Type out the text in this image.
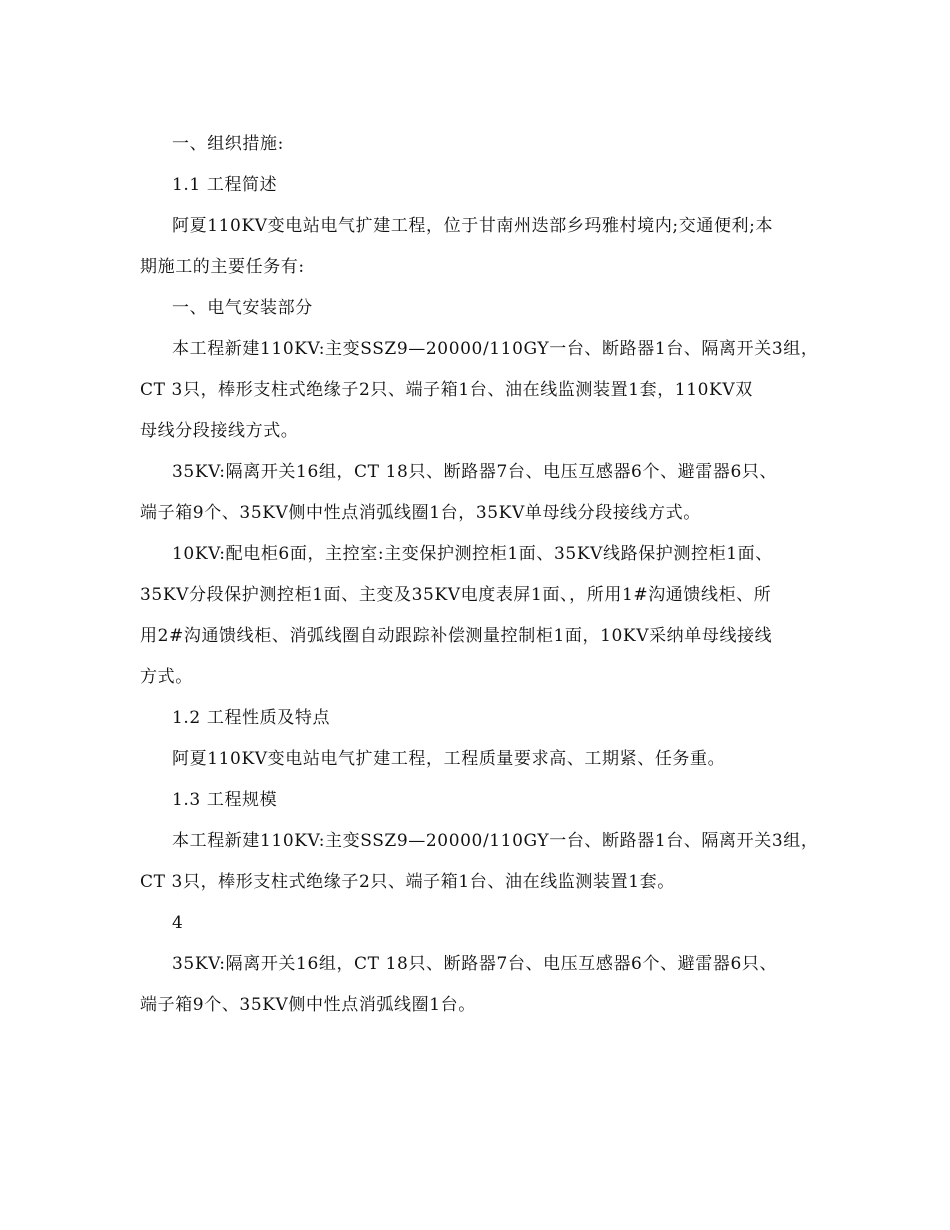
一、组织措施:
1.1 工程简述
阿夏110KV变电站电气扩建工程，位于甘南州迭部乡玛雅村境内;交通便利;本
期施工的主要任务有:
一、电气安装部分
本工程新建110KV:主变SSZ9—20000/110GY一台、断路器1台、隔离开关3组，
CT 3只，棒形支柱式绝缘子2只、端子箱1台、油在线监测装置1套，110KV双
母线分段接线方式。
35KV:隔离开关16组，CT 18只、断路器7台、电压互感器6个、避雷器6只、
端子箱9个、35KV侧中性点消弧线圈1台，35KV单母线分段接线方式。
10KV:配电柜6面，主控室:主变保护测控柜1面、35KV线路保护测控柜1面、
35KV分段保护测控柜1面、主变及35KV电度表屏1面、，所用1#沟通馈线柜、所
用2#沟通馈线柜、消弧线圈自动跟踪补偿测量控制柜1面，10KV采纳单母线接线
方式。
1.2 工程性质及特点
阿夏110KV变电站电气扩建工程，工程质量要求高、工期紧、任务重。
1.3 工程规模
本工程新建110KV:主变SSZ9—20000/110GY一台、断路器1台、隔离开关3组，
CT 3只，棒形支柱式绝缘子2只、端子箱1台、油在线监测装置1套。
4
35KV:隔离开关16组，CT 18只、断路器7台、电压互感器6个、避雷器6只、
端子箱9个、35KV侧中性点消弧线圈1台。
